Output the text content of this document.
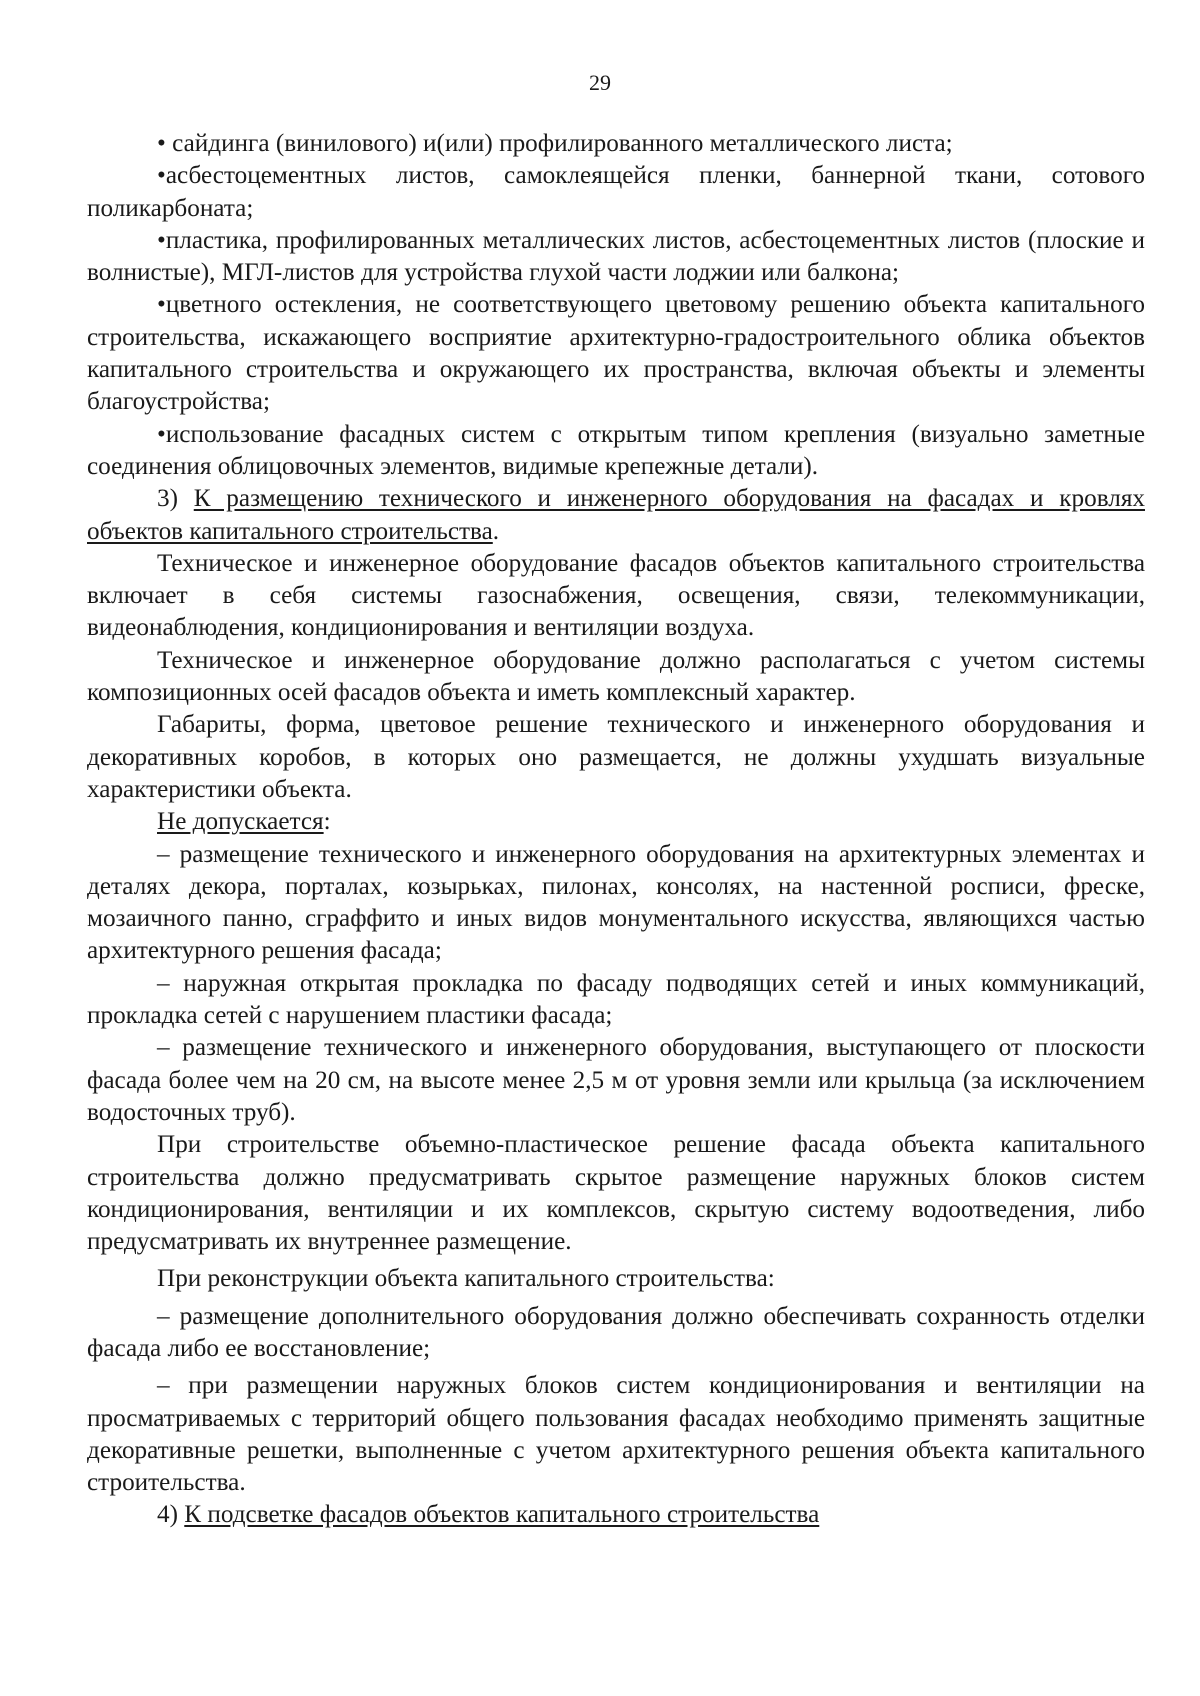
29

• сайдинга (винилового) и(или) профилированного металлического листа;

•асбестоцементных листов, самоклеящейся пленки, баннерной ткани, сотового поликарбоната;

•пластика, профилированных металлических листов, асбестоцементных листов (плоские и волнистые), МГЛ-листов для устройства глухой части лоджии или балкона;

•цветного остекления, не соответствующего цветовому решению объекта капитального строительства, искажающего восприятие архитектурно-градостроительного облика объектов капитального строительства и окружающего их пространства, включая объекты и элементы благоустройства;

•использование фасадных систем с открытым типом крепления (визуально заметные соединения облицовочных элементов, видимые крепежные детали).

3) К размещению технического и инженерного оборудования на фасадах и кровлях объектов капитального строительства.

Техническое и инженерное оборудование фасадов объектов капитального строительства включает в себя системы газоснабжения, освещения, связи, телекоммуникации, видеонаблюдения, кондиционирования и вентиляции воздуха.

Техническое и инженерное оборудование должно располагаться с учетом системы композиционных осей фасадов объекта и иметь комплексный характер.

Габариты, форма, цветовое решение технического и инженерного оборудования и декоративных коробов, в которых оно размещается, не должны ухудшать визуальные характеристики объекта.

Не допускается:

– размещение технического и инженерного оборудования на архитектурных элементах и деталях декора, порталах, козырьках, пилонах, консолях, на настенной росписи, фреске, мозаичного панно, сграффито и иных видов монументального искусства, являющихся частью архитектурного решения фасада;

– наружная открытая прокладка по фасаду подводящих сетей и иных коммуникаций, прокладка сетей с нарушением пластики фасада;

– размещение технического и инженерного оборудования, выступающего от плоскости фасада более чем на 20 см, на высоте менее 2,5 м от уровня земли или крыльца (за исключением водосточных труб).

При строительстве объемно-пластическое решение фасада объекта капитального строительства должно предусматривать скрытое размещение наружных блоков систем кондиционирования, вентиляции и их комплексов, скрытую систему водоотведения, либо предусматривать их внутреннее размещение.

При реконструкции объекта капитального строительства:

– размещение дополнительного оборудования должно обеспечивать сохранность отделки фасада либо ее восстановление;

– при размещении наружных блоков систем кондиционирования и вентиляции на просматриваемых с территорий общего пользования фасадах необходимо применять защитные декоративные решетки, выполненные с учетом архитектурного решения объекта капитального строительства.

4) К подсветке фасадов объектов капитального строительства
